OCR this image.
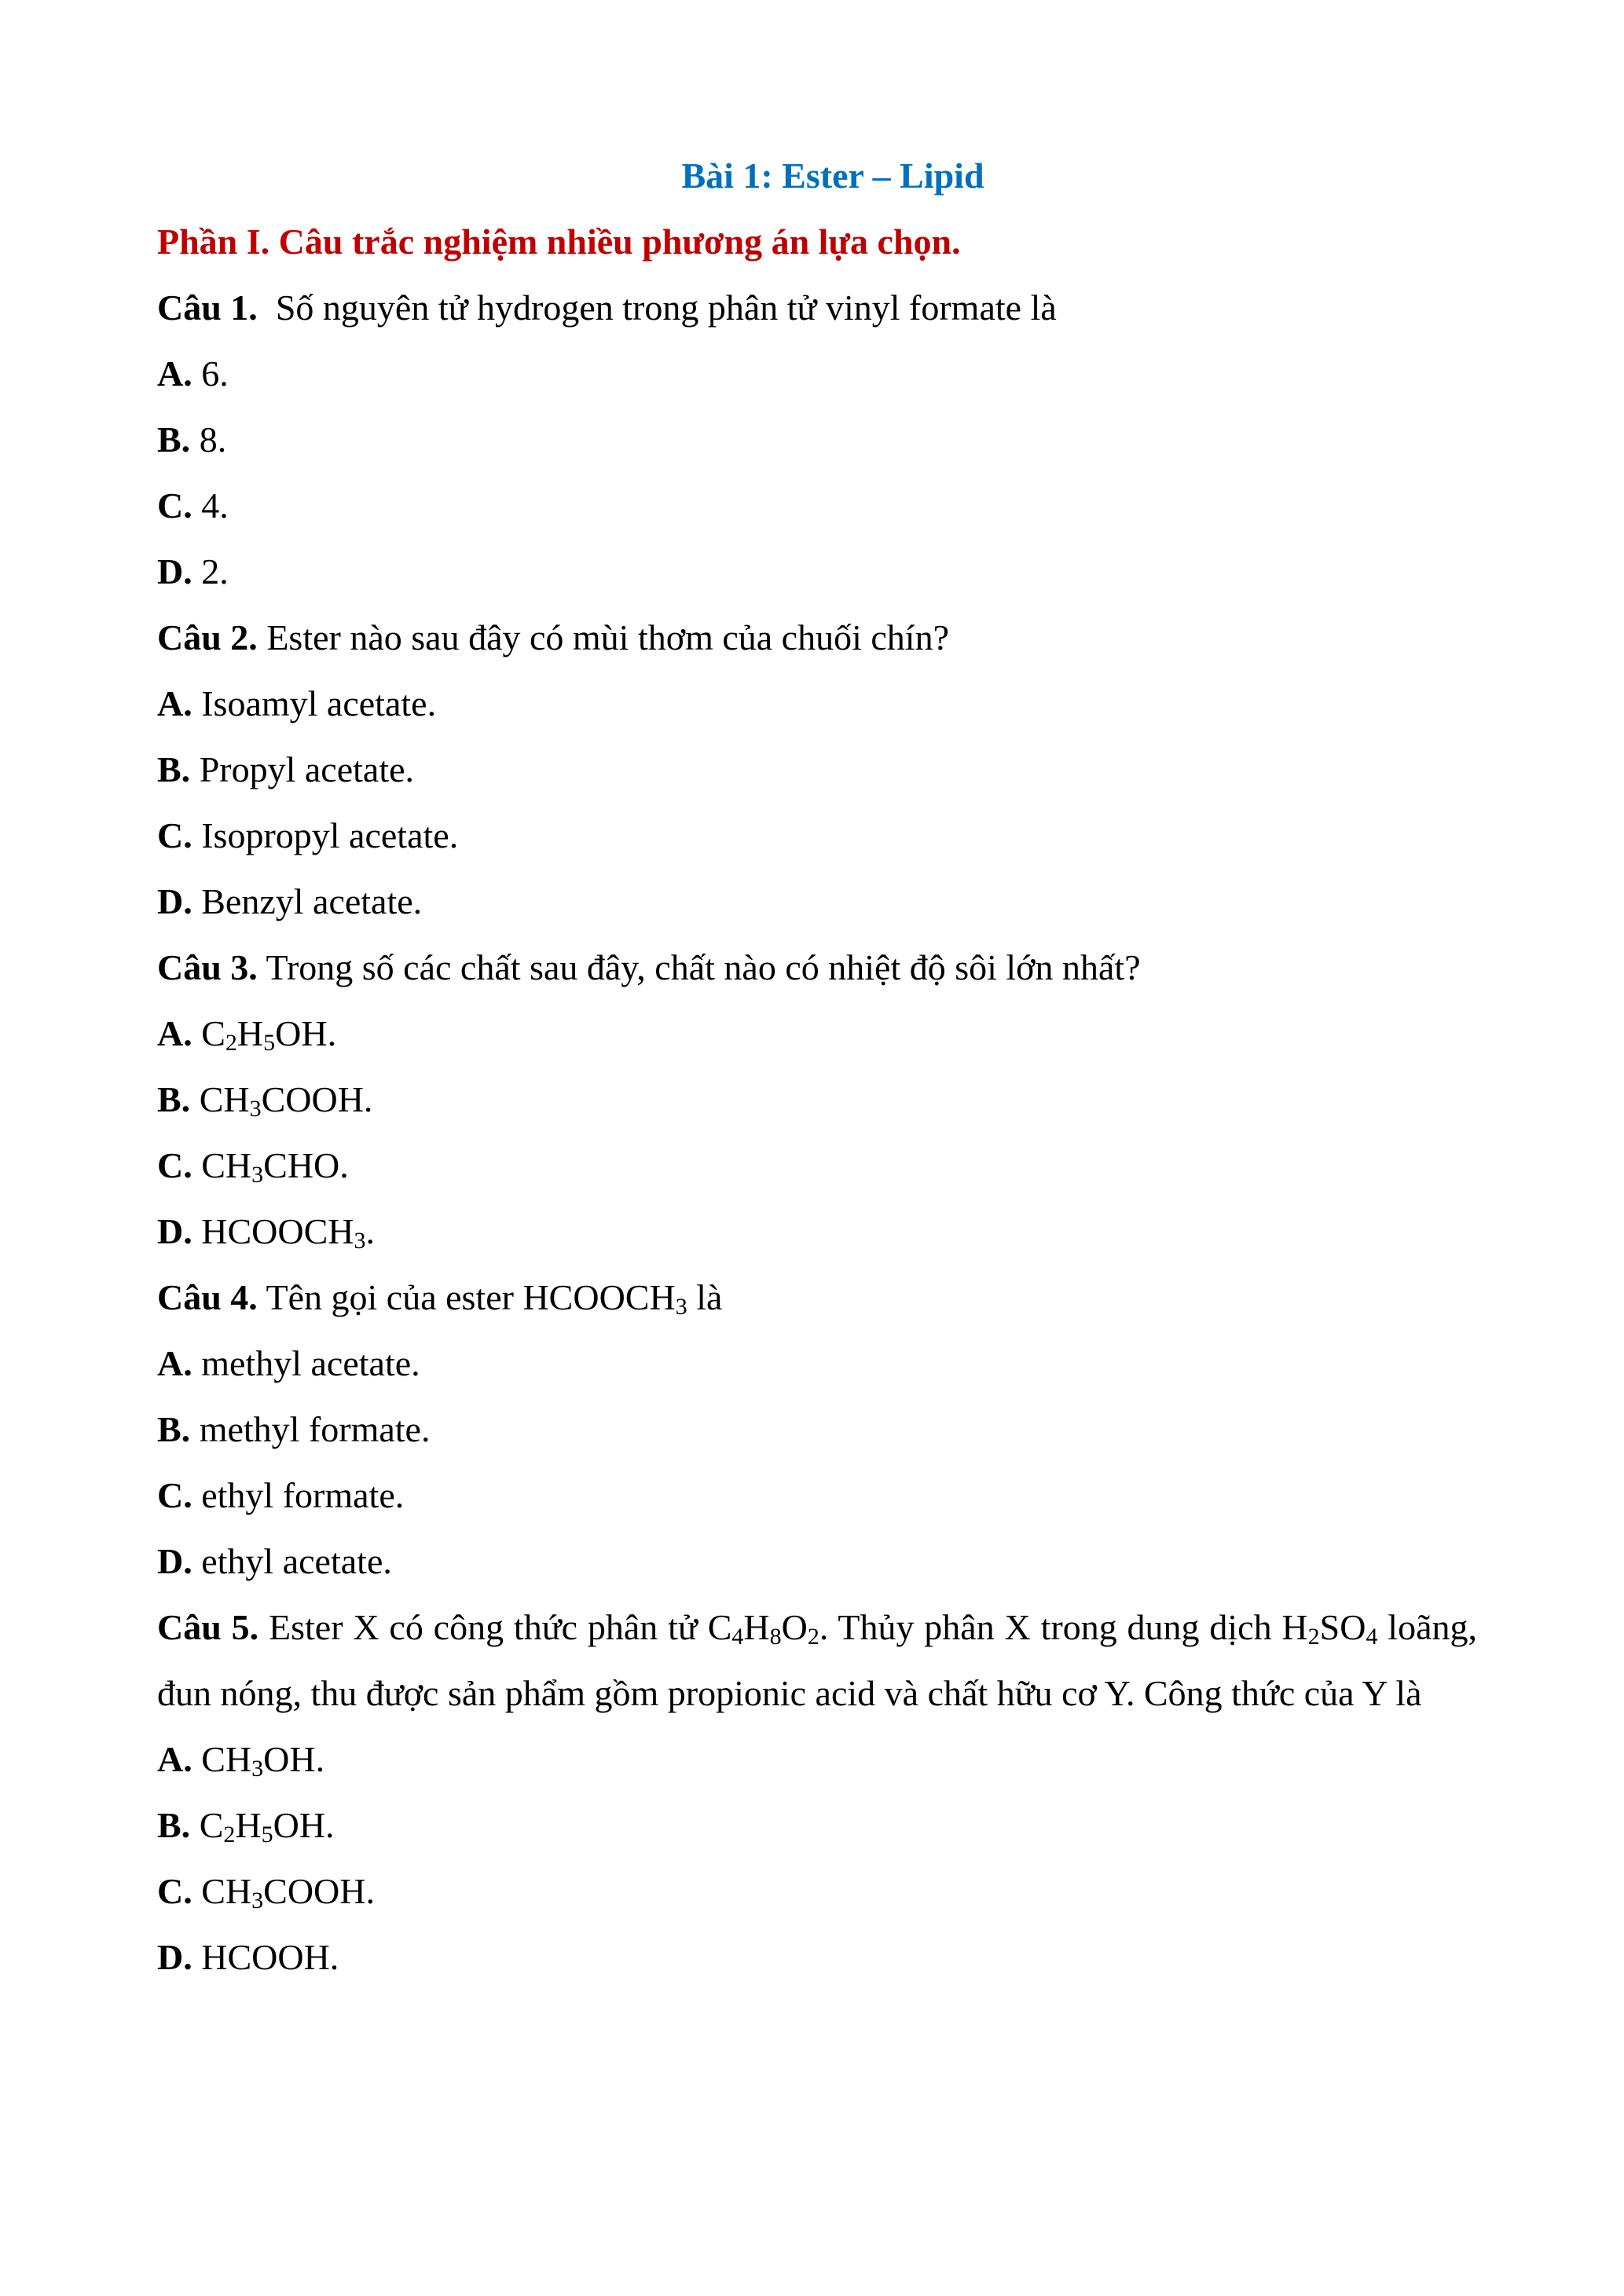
Bài 1: Ester – Lipid
Phần I. Câu trắc nghiệm nhiều phương án lựa chọn.
Câu 1.  Số nguyên tử hydrogen trong phân tử vinyl formate là
A. 6.
B. 8.
C. 4.
D. 2.
Câu 2. Ester nào sau đây có mùi thơm của chuối chín?
A. Isoamyl acetate.
B. Propyl acetate.
C. Isopropyl acetate.
D. Benzyl acetate.
Câu 3. Trong số các chất sau đây, chất nào có nhiệt độ sôi lớn nhất?
A. $C_2H_5OH$.
B. $CH_3COOH$.
C. $CH_3CHO$.
D. $HCOOCH_3$.
Câu 4. Tên gọi của ester $HCOOCH_3$ là
A. methyl acetate.
B. methyl formate.
C. ethyl formate.
D. ethyl acetate.
Câu 5. Ester X có công thức phân tử $C_4H_8O_2$. Thủy phân X trong dung dịch $H_2SO_4$ loãng, đun nóng, thu được sản phẩm gồm propionic acid và chất hữu cơ Y. Công thức của Y là
A. $CH_3OH$.
B. $C_2H_5OH$.
C. $CH_3COOH$.
D. HCOOH.
